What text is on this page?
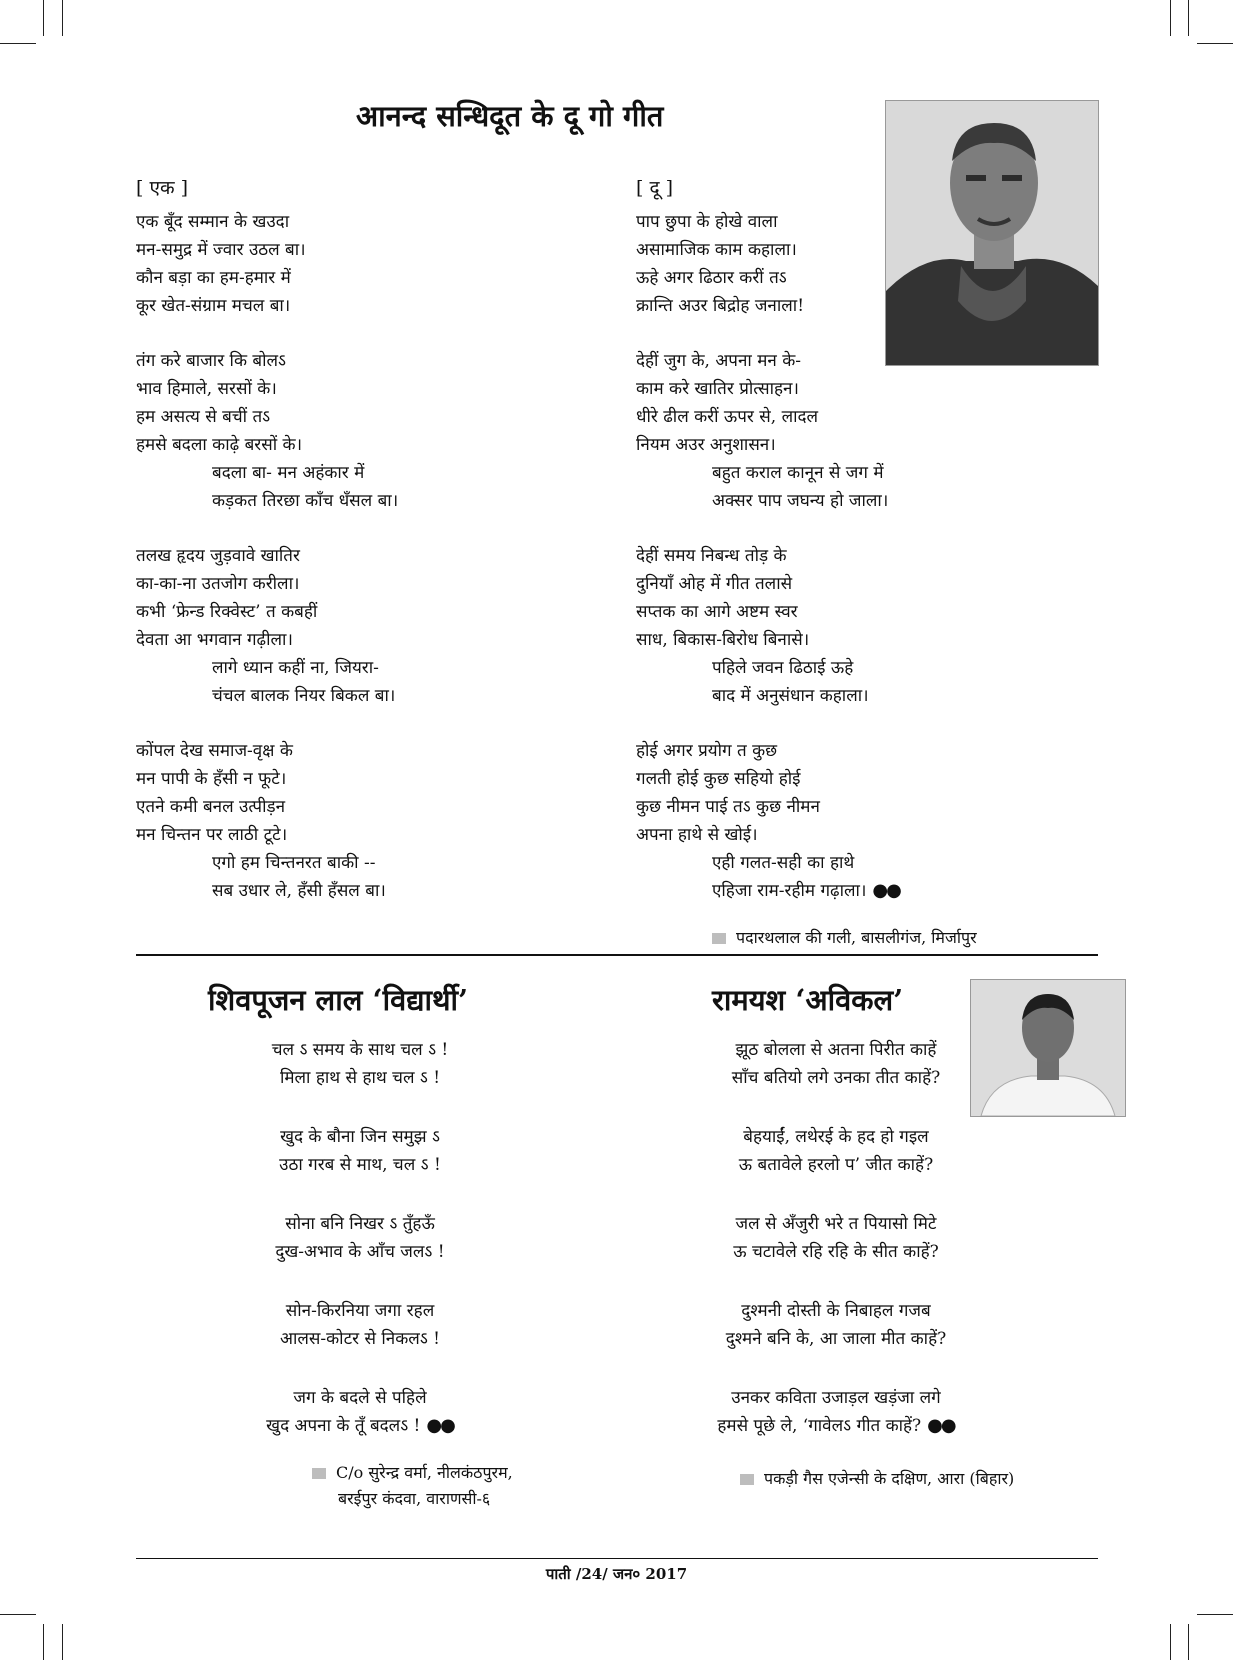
आनन्द सन्धिदूत के दू गो गीत
[ एक ]
एक बूँद सम्मान के खउदा
मन-समुद्र में ज्वार उठल बा।
कौन बड़ा का हम-हमार में
कूर खेत-संग्राम मचल बा।
तंग करे बाजार कि बोलऽ
भाव हिमाले, सरसों के।
हम असत्य से बचीं तऽ
हमसे बदला काढ़े बरसों के।
बदला बा- मन अहंकार में
कड़कत तिरछा काँच धँसल बा।
तलख हृदय जुड़वावे खातिर
का-का-ना उतजोग करीला।
कभी ‘फ्रेन्ड रिक्वेस्ट’ त कबहीं
देवता आ भगवान गढ़ीला।
लागे ध्यान कहीं ना, जियरा-
चंचल बालक नियर बिकल बा।
कोंपल देख समाज-वृक्ष के
मन पापी के हँसी न फूटे।
एतने कमी बनल उत्पीड़न
मन चिन्तन पर लाठी टूटे।
एगो हम चिन्तनरत बाकी --
सब उधार ले, हँसी हँसल बा।
[ दू ]
पाप छुपा के होखे वाला
असामाजिक काम कहाला।
ऊहे अगर ढिठार करीं तऽ
क्रान्ति अउर बिद्रोह जनाला!
देहीं जुग के, अपना मन के-
काम करे खातिर प्रोत्साहन।
धीरे ढील करीं ऊपर से, लादल
नियम अउर अनुशासन।
बहुत कराल कानून से जग में
अक्सर पाप जघन्य हो जाला।
देहीं समय निबन्ध तोड़ के
दुनियाँ ओह में गीत तलासे
सप्तक का आगे अष्टम स्वर
साध, बिकास-बिरोध बिनासे।
पहिले जवन ढिठाई ऊहे
बाद में अनुसंधान कहाला।
होई अगर प्रयोग त कुछ
गलती होई कुछ सहियो होई
कुछ नीमन पाई तऽ कुछ नीमन
अपना हाथे से खोई।
एही गलत-सही का हाथे
एहिजा राम-रहीम गढ़ाला। ●●
पदारथलाल की गली, बासलीगंज, मिर्जापुर
शिवपूजन लाल ‘विद्यार्थी’
चल ऽ समय के साथ चल ऽ !
मिला हाथ से हाथ चल ऽ !
खुद के बौना जिन समुझ ऽ
उठा गरब से माथ, चल ऽ !
सोना बनि निखर ऽ तुँहऊँ
दुख-अभाव के आँच जलऽ !
सोन-किरनिया जगा रहल
आलस-कोटर से निकलऽ !
जग के बदले से पहिले
खुद अपना के तूँ बदलऽ ! ●●
C/o सुरेन्द्र वर्मा, नीलकंठपुरम,
बरईपुर कंदवा, वाराणसी-६
रामयश ‘अविकल’
झूठ बोलला से अतना पिरीत काहें
साँच बतियो लगे उनका तीत काहें?
बेहयाईं, लथेरई के हद हो गइल
ऊ बतावेले हरलो प’ जीत काहें?
जल से अँजुरी भरे त पियासो मिटे
ऊ चटावेले रहि रहि के सीत काहें?
दुश्मनी दोस्ती के निबाहल गजब
दुश्मने बनि के, आ जाला मीत काहें?
उनकर कविता उजाड़ल खड़ंजा लगे
हमसे पूछे ले, ‘गावेलऽ गीत काहें? ●●
पकड़ी गैस एजेन्सी के दक्षिण, आरा (बिहार)
पाती /24/ जन० 2017
